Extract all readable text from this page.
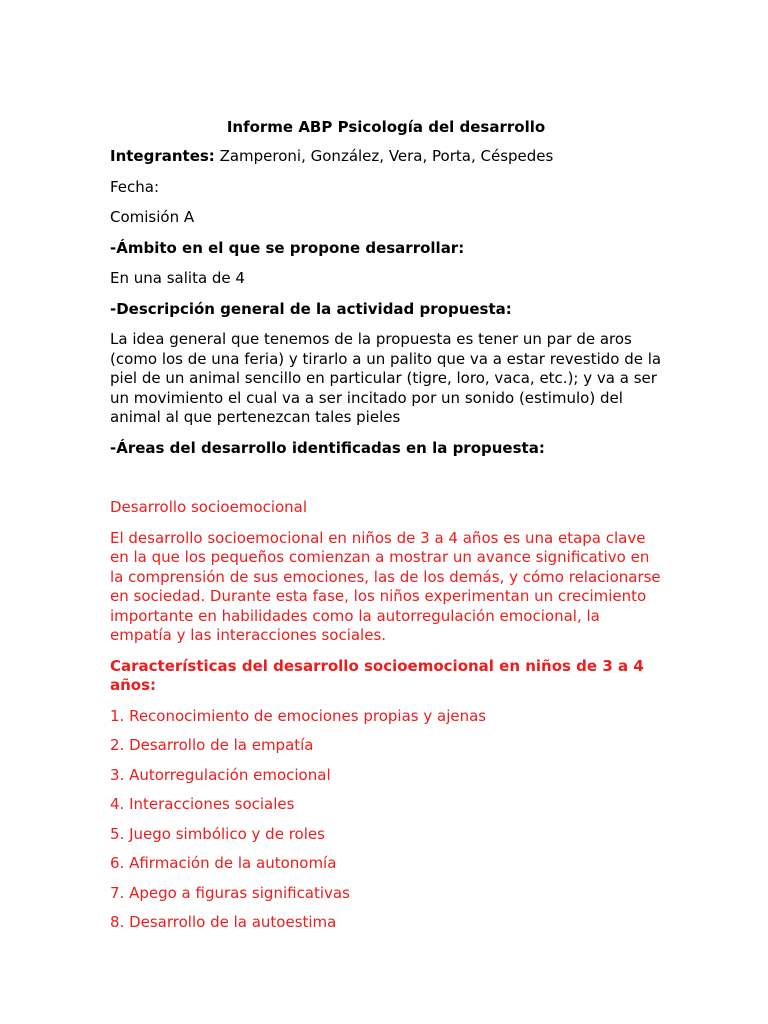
Informe ABP Psicología del desarrollo

Integrantes: Zamperoni, González, Vera, Porta, Céspedes

Fecha:

Comisión A

-Ámbito en el que se propone desarrollar:

En una salita de 4

-Descripción general de la actividad propuesta:

La idea general que tenemos de la propuesta es tener un par de aros (como los de una feria) y tirarlo a un palito que va a estar revestido de la piel de un animal sencillo en particular (tigre, loro, vaca, etc.); y va a ser un movimiento el cual va a ser incitado por un sonido (estimulo) del animal al que pertenezcan tales pieles

-Áreas del desarrollo identificadas en la propuesta:

Desarrollo socioemocional

El desarrollo socioemocional en niños de 3 a 4 años es una etapa clave en la que los pequeños comienzan a mostrar un avance significativo en la comprensión de sus emociones, las de los demás, y cómo relacionarse en sociedad. Durante esta fase, los niños experimentan un crecimiento importante en habilidades como la autorregulación emocional, la empatía y las interacciones sociales.

Características del desarrollo socioemocional en niños de 3 a 4 años:

1. Reconocimiento de emociones propias y ajenas
2. Desarrollo de la empatía
3. Autorregulación emocional
4. Interacciones sociales
5. Juego simbólico y de roles
6. Afirmación de la autonomía
7. Apego a figuras significativas
8. Desarrollo de la autoestima
